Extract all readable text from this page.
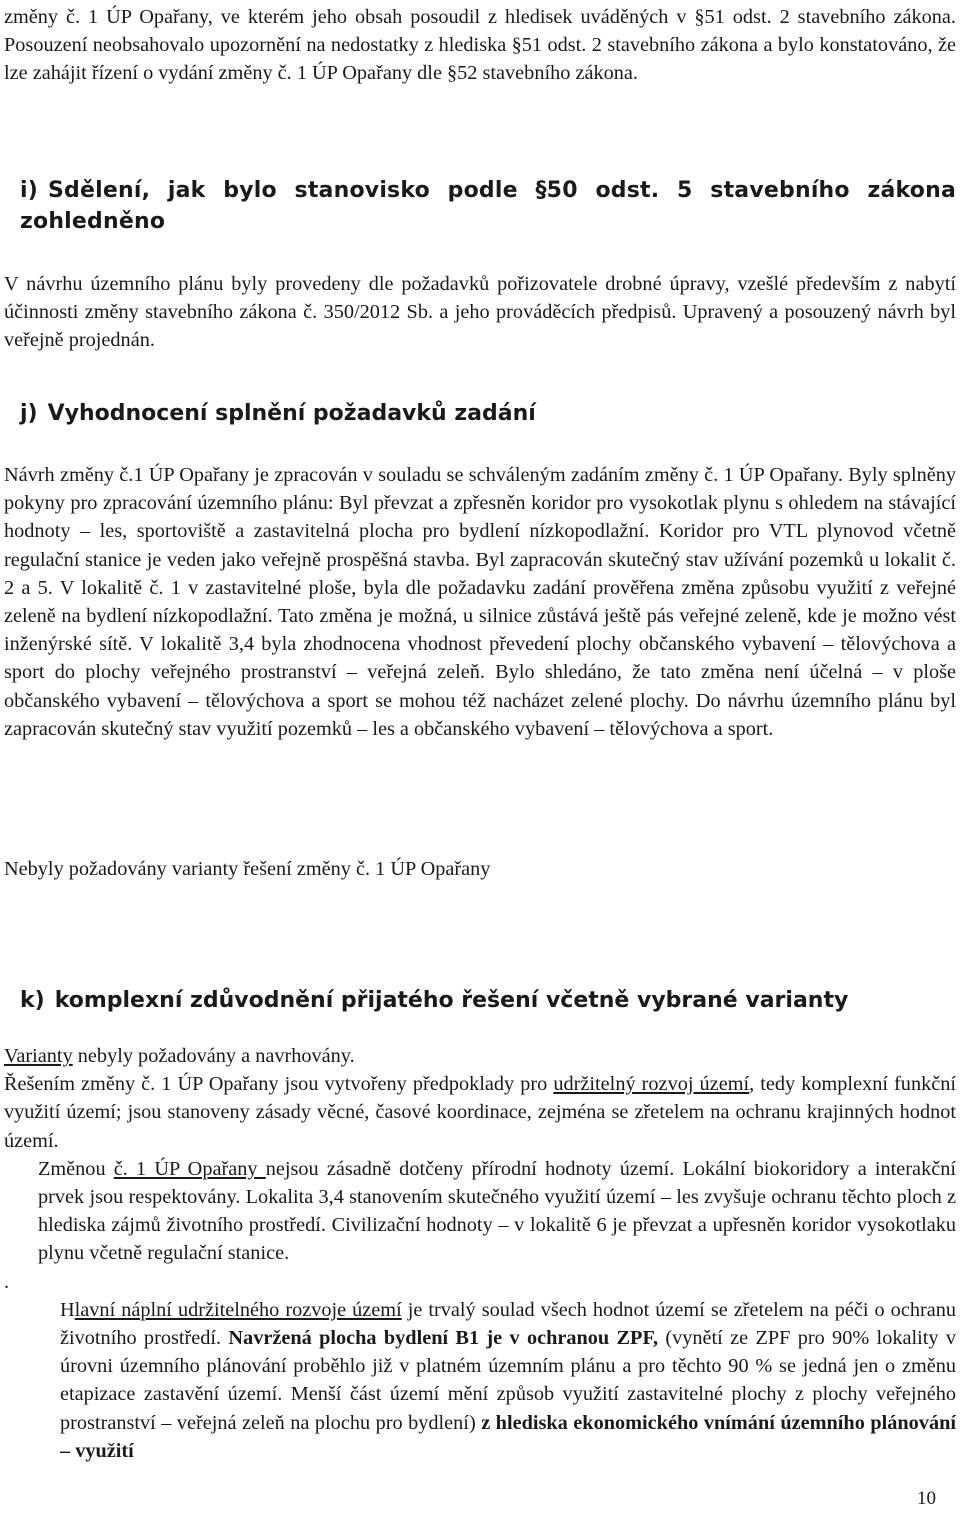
změny č. 1 ÚP Opařany, ve kterém jeho obsah posoudil z hledisek uváděných v §51 odst. 2 stavebního zákona. Posouzení neobsahovalo upozornění na nedostatky z hlediska §51 odst. 2 stavebního zákona a bylo konstatováno, že lze zahájit řízení o vydání změny č. 1 ÚP Opařany dle §52 stavebního zákona.

i) Sdělení, jak bylo stanovisko podle §50 odst. 5 stavebního zákona zohledněno

V návrhu územního plánu byly provedeny dle požadavků pořizovatele drobné úpravy, vzešlé především z nabytí účinnosti změny stavebního zákona č. 350/2012 Sb. a jeho prováděcích předpisů. Upravený a posouzený návrh byl veřejně projednán.

j) Vyhodnocení splnění požadavků zadání

Návrh změny č.1 ÚP Opařany je zpracován v souladu se schváleným zadáním změny č. 1 ÚP Opařany. Byly splněny pokyny pro zpracování územního plánu: Byl převzat a zpřesněn koridor pro vysokotlak plynu s ohledem na stávající hodnoty – les, sportoviště a zastavitelná plocha pro bydlení nízkopodlažní. Koridor pro VTL plynovod včetně regulační stanice je veden jako veřejně prospěšná stavba. Byl zapracován skutečný stav užívání pozemků u lokalit č. 2 a 5. V lokalitě č. 1 v zastavitelné ploše, byla dle požadavku zadání prověřena změna způsobu využití z veřejné zeleně na bydlení nízkopodlažní. Tato změna je možná, u silnice zůstává ještě pás veřejné zeleně, kde je možno vést inženýrské sítě. V lokalitě 3,4 byla zhodnocena vhodnost převedení plochy občanského vybavení – tělovýchova a sport do plochy veřejného prostranství – veřejná zeleň. Bylo shledáno, že tato změna není účelná – v ploše občanského vybavení – tělovýchova a sport se mohou též nacházet zelené plochy. Do návrhu územního plánu byl zapracován skutečný stav využití pozemků – les a občanského vybavení – tělovýchova a sport.

Nebyly požadovány varianty řešení změny č. 1 ÚP Opařany

k) komplexní zdůvodnění přijatého řešení včetně vybrané varianty

Varianty nebyly požadovány a navrhovány.

Řešením změny č. 1 ÚP Opařany jsou vytvořeny předpoklady pro udržitelný rozvoj území, tedy komplexní funkční využití území; jsou stanoveny zásady věcné, časové koordinace, zejména se zřetelem na ochranu krajinných hodnot území.

Změnou č. 1 ÚP Opařany nejsou zásadně dotčeny přírodní hodnoty území. Lokální biokoridory a interakční prvek jsou respektovány. Lokalita 3,4 stanovením skutečného využití území – les zvyšuje ochranu těchto ploch z hlediska zájmů životního prostředí. Civilizační hodnoty – v lokalitě 6 je převzat a upřesněn koridor vysokotlaku plynu včetně regulační stanice.

.

Hlavní náplní udržitelného rozvoje území je trvalý soulad všech hodnot území se zřetelem na péči o ochranu životního prostředí. Navržená plocha bydlení B1 je v ochranou ZPF, (vynětí ze ZPF pro 90% lokality v úrovni územního plánování proběhlo již v platném územním plánu a pro těchto 90 % se jedná jen o změnu etapizace zastavění území. Menší část území mění způsob využití zastavitelné plochy z plochy veřejného prostranství – veřejná zeleň na plochu pro bydlení) z hlediska ekonomického vnímání územního plánování – využití

10
